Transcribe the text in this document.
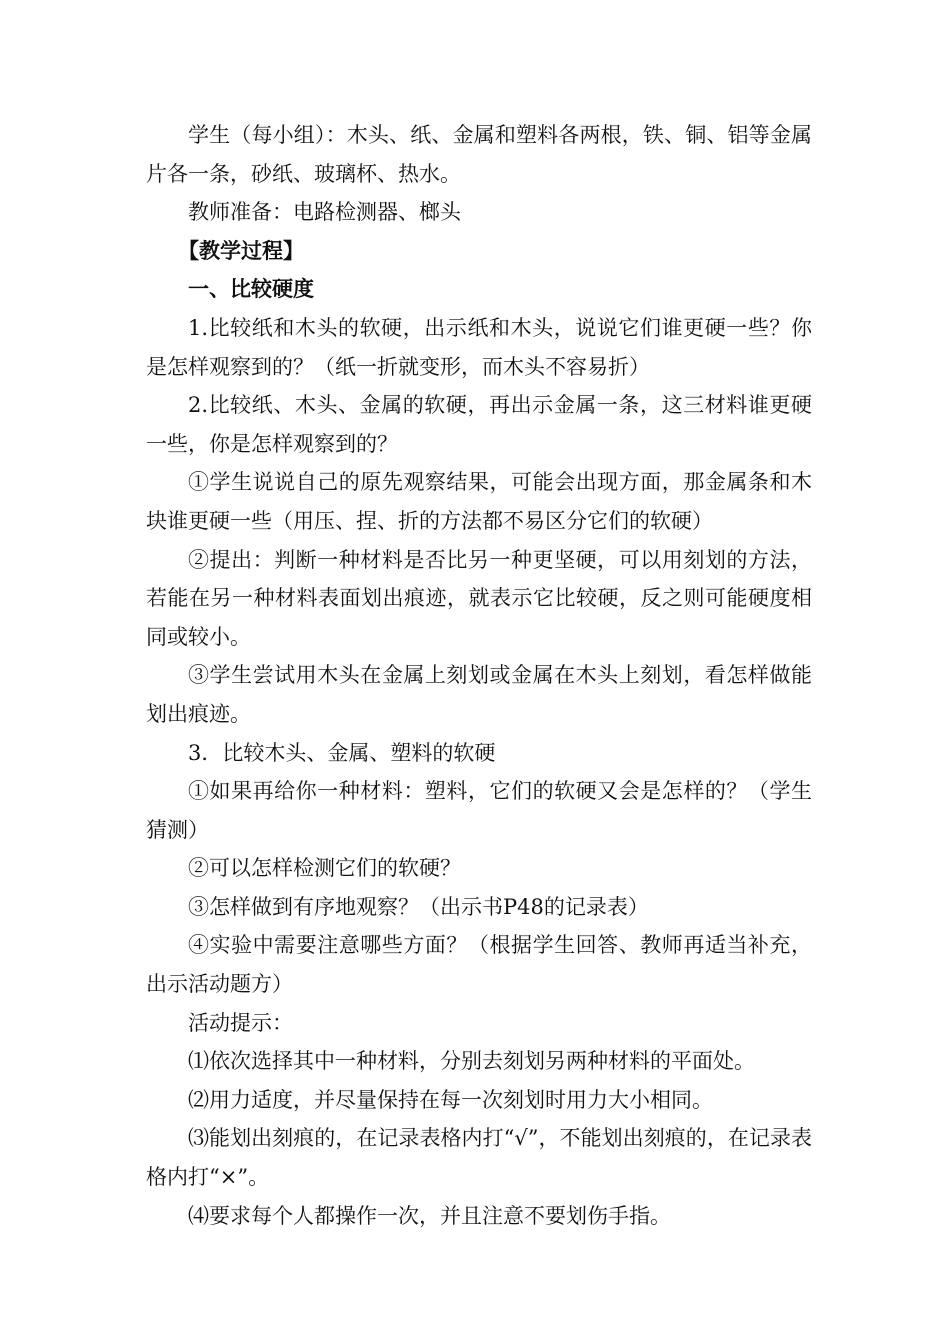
学生（每小组）：木头、纸、金属和塑料各两根，铁、铜、铝等金属片各一条，砂纸、玻璃杯、热水。

教师准备：电路检测器、榔头

【教学过程】

一、比较硬度

1.比较纸和木头的软硬，出示纸和木头，说说它们谁更硬一些？你是怎样观察到的？（纸一折就变形，而木头不容易折）

2.比较纸、木头、金属的软硬，再出示金属一条，这三材料谁更硬一些，你是怎样观察到的？

①学生说说自己的原先观察结果，可能会出现方面，那金属条和木块谁更硬一些（用压、捏、折的方法都不易区分它们的软硬）

②提出：判断一种材料是否比另一种更坚硬，可以用刻划的方法，若能在另一种材料表面划出痕迹，就表示它比较硬，反之则可能硬度相同或较小。

③学生尝试用木头在金属上刻划或金属在木头上刻划，看怎样做能划出痕迹。

3．比较木头、金属、塑料的软硬

①如果再给你一种材料：塑料，它们的软硬又会是怎样的？（学生猜测）

②可以怎样检测它们的软硬？

③怎样做到有序地观察？（出示书P48的记录表）

④实验中需要注意哪些方面？（根据学生回答、教师再适当补充，出示活动题方）

活动提示：

⑴依次选择其中一种材料，分别去刻划另两种材料的平面处。

⑵用力适度，并尽量保持在每一次刻划时用力大小相同。

⑶能划出刻痕的，在记录表格内打“√”，不能划出刻痕的，在记录表格内打“×”。

⑷要求每个人都操作一次，并且注意不要划伤手指。
